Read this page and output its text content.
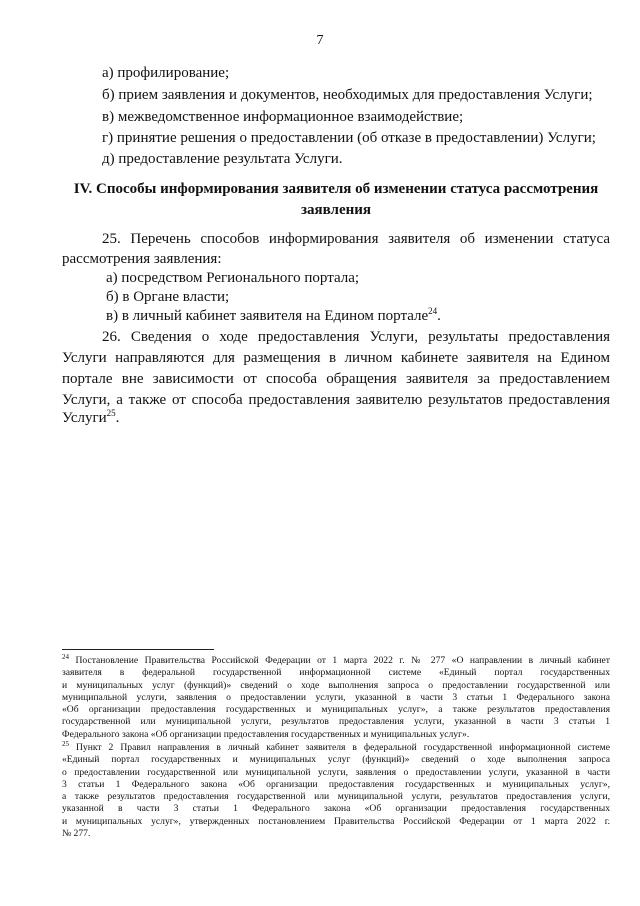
7
а) профилирование;
б) прием заявления и документов, необходимых для предоставления Услуги;
в) межведомственное информационное взаимодействие;
г) принятие решения о предоставлении (об отказе в предоставлении) Услуги;
д) предоставление результата Услуги.
IV. Способы информирования заявителя об изменении статуса рассмотрения
заявления
25. Перечень способов информирования заявителя об изменении статуса
рассмотрения заявления:
а) посредством Регионального портала;
б) в Органе власти;
в) в личный кабинет заявителя на Едином портале$^{24}$.
26. Сведения о ходе предоставления Услуги, результаты предоставления
Услуги направляются для размещения в личном кабинете заявителя на Едином
портале вне зависимости от способа обращения заявителя за предоставлением
Услуги, а также от способа предоставления заявителю результатов предоставления
Услуги$^{25}$.
$^{24}$ Постановление Правительства Российской Федерации от 1 марта 2022 г. № 277 «О направлении в личный кабинет
заявителя в федеральной государственной информационной системе «Единый портал государственных
и муниципальных услуг (функций)» сведений о ходе выполнения запроса о предоставлении государственной или
муниципальной услуги, заявления о предоставлении услуги, указанной в части 3 статьи 1 Федерального закона
«Об организации предоставления государственных и муниципальных услуг», а также результатов предоставления
государственной или муниципальной услуги, результатов предоставления услуги, указанной в части 3 статьи 1
Федерального закона «Об организации предоставления государственных и муниципальных услуг».
$^{25}$ Пункт 2 Правил направления в личный кабинет заявителя в федеральной государственной информационной системе
«Единый портал государственных и муниципальных услуг (функций)» сведений о ходе выполнения запроса
о предоставлении государственной или муниципальной услуги, заявления о предоставлении услуги, указанной в части
3 статьи 1 Федерального закона «Об организации предоставления государственных и муниципальных услуг»,
а также результатов предоставления государственной или муниципальной услуги, результатов предоставления услуги,
указанной в части 3 статьи 1 Федерального закона «Об организации предоставления государственных
и муниципальных услуг», утвержденных постановлением Правительства Российской Федерации от 1 марта 2022 г.
№ 277.
